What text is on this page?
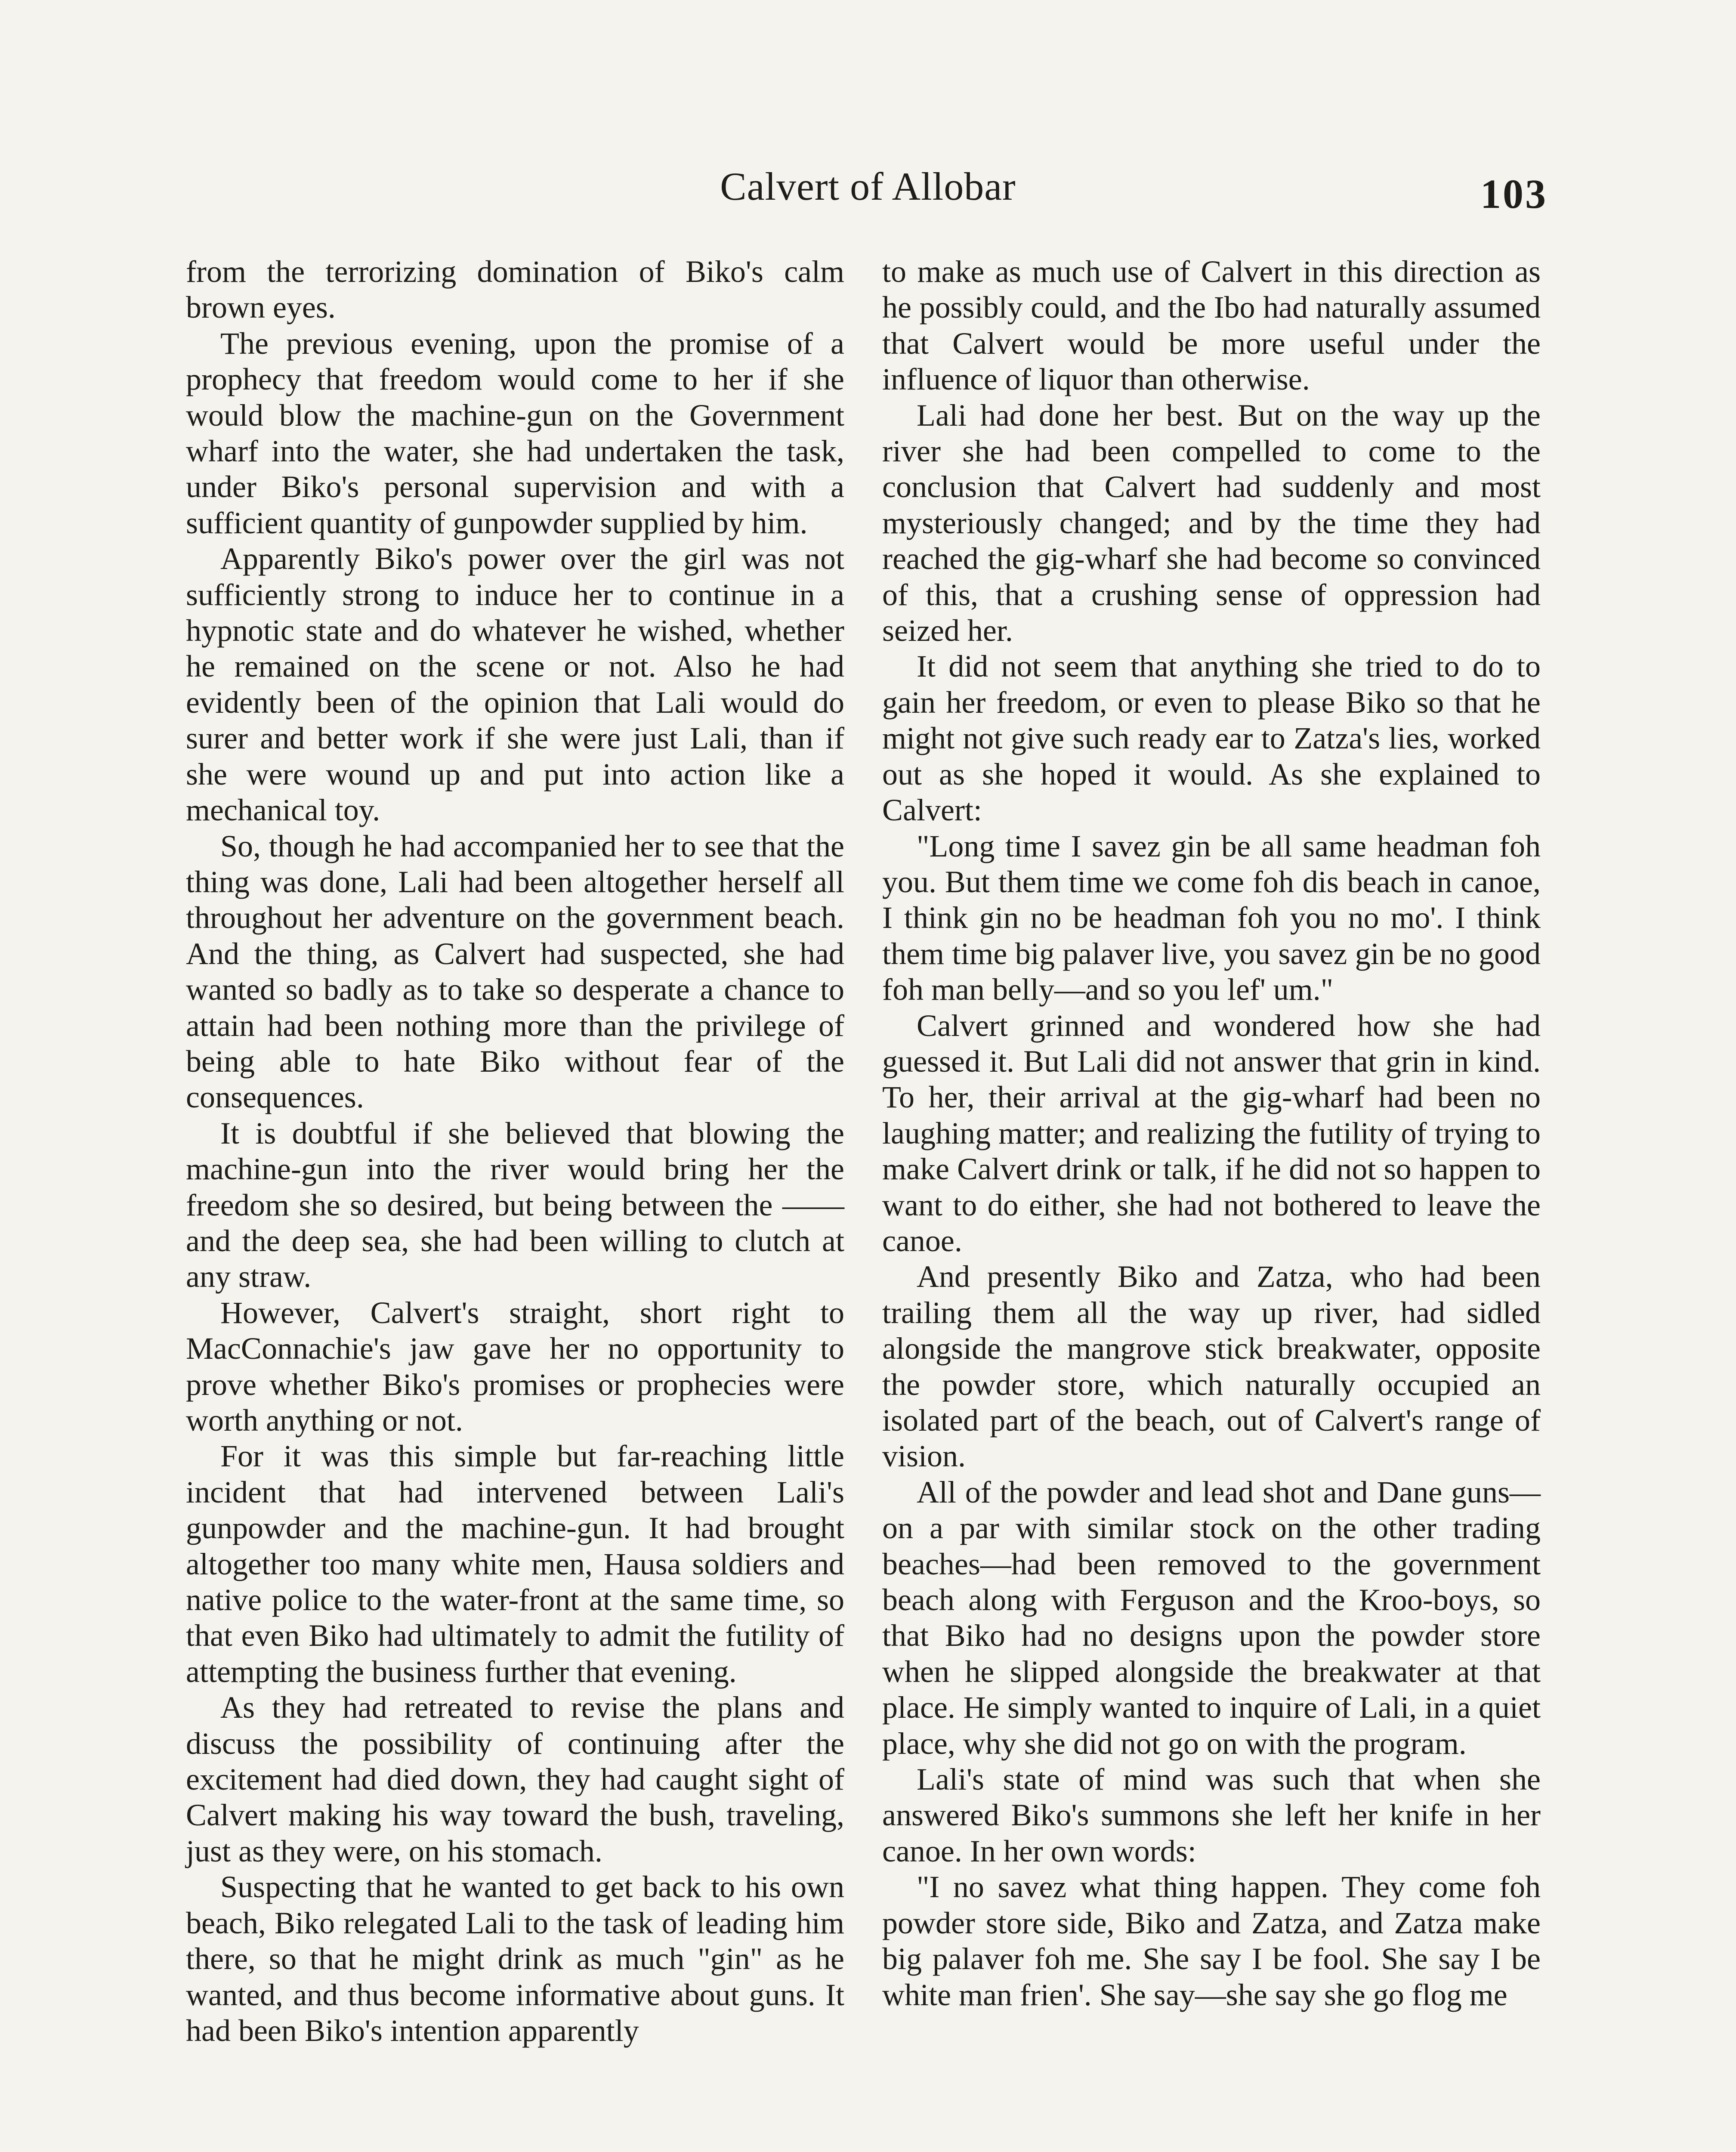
Calvert of Allobar	103

from the terrorizing domination of Biko's calm brown eyes.

The previous evening, upon the promise of a prophecy that freedom would come to her if she would blow the machine-gun on the Government wharf into the water, she had undertaken the task, under Biko's personal supervision and with a sufficient quantity of gunpowder supplied by him.

Apparently Biko's power over the girl was not sufficiently strong to induce her to continue in a hypnotic state and do whatever he wished, whether he remained on the scene or not. Also he had evidently been of the opinion that Lali would do surer and better work if she were just Lali, than if she were wound up and put into action like a mechanical toy.

So, though he had accompanied her to see that the thing was done, Lali had been altogether herself all throughout her adventure on the government beach. And the thing, as Calvert had suspected, she had wanted so badly as to take so desperate a chance to attain had been nothing more than the privilege of being able to hate Biko without fear of the consequences.

It is doubtful if she believed that blowing the machine-gun into the river would bring her the freedom she so desired, but being between the —— and the deep sea, she had been willing to clutch at any straw.

However, Calvert's straight, short right to MacConnachie's jaw gave her no opportunity to prove whether Biko's promises or prophecies were worth anything or not.

For it was this simple but far-reaching little incident that had intervened between Lali's gunpowder and the machine-gun. It had brought altogether too many white men, Hausa soldiers and native police to the water-front at the same time, so that even Biko had ultimately to admit the futility of attempting the business further that evening.

As they had retreated to revise the plans and discuss the possibility of continuing after the excitement had died down, they had caught sight of Calvert making his way toward the bush, traveling, just as they were, on his stomach.

Suspecting that he wanted to get back to his own beach, Biko relegated Lali to the task of leading him there, so that he might drink as much "gin" as he wanted, and thus become informative about guns. It had been Biko's intention apparently

to make as much use of Calvert in this direction as he possibly could, and the Ibo had naturally assumed that Calvert would be more useful under the influence of liquor than otherwise.

Lali had done her best. But on the way up the river she had been compelled to come to the conclusion that Calvert had suddenly and most mysteriously changed; and by the time they had reached the gig-wharf she had become so convinced of this, that a crushing sense of oppression had seized her.

It did not seem that anything she tried to do to gain her freedom, or even to please Biko so that he might not give such ready ear to Zatza's lies, worked out as she hoped it would. As she explained to Calvert:

"Long time I savez gin be all same headman foh you. But them time we come foh dis beach in canoe, I think gin no be headman foh you no mo'. I think them time big palaver live, you savez gin be no good foh man belly—and so you lef' um."

Calvert grinned and wondered how she had guessed it. But Lali did not answer that grin in kind. To her, their arrival at the gig-wharf had been no laughing matter; and realizing the futility of trying to make Calvert drink or talk, if he did not so happen to want to do either, she had not bothered to leave the canoe.

And presently Biko and Zatza, who had been trailing them all the way up river, had sidled alongside the mangrove stick breakwater, opposite the powder store, which naturally occupied an isolated part of the beach, out of Calvert's range of vision.

All of the powder and lead shot and Dane guns—on a par with similar stock on the other trading beaches—had been removed to the government beach along with Ferguson and the Kroo-boys, so that Biko had no designs upon the powder store when he slipped alongside the breakwater at that place. He simply wanted to inquire of Lali, in a quiet place, why she did not go on with the program.

Lali's state of mind was such that when she answered Biko's summons she left her knife in her canoe. In her own words:

"I no savez what thing happen. They come foh powder store side, Biko and Zatza, and Zatza make big palaver foh me. She say I be fool. She say I be white man frien'. She say—she say she go flog me
